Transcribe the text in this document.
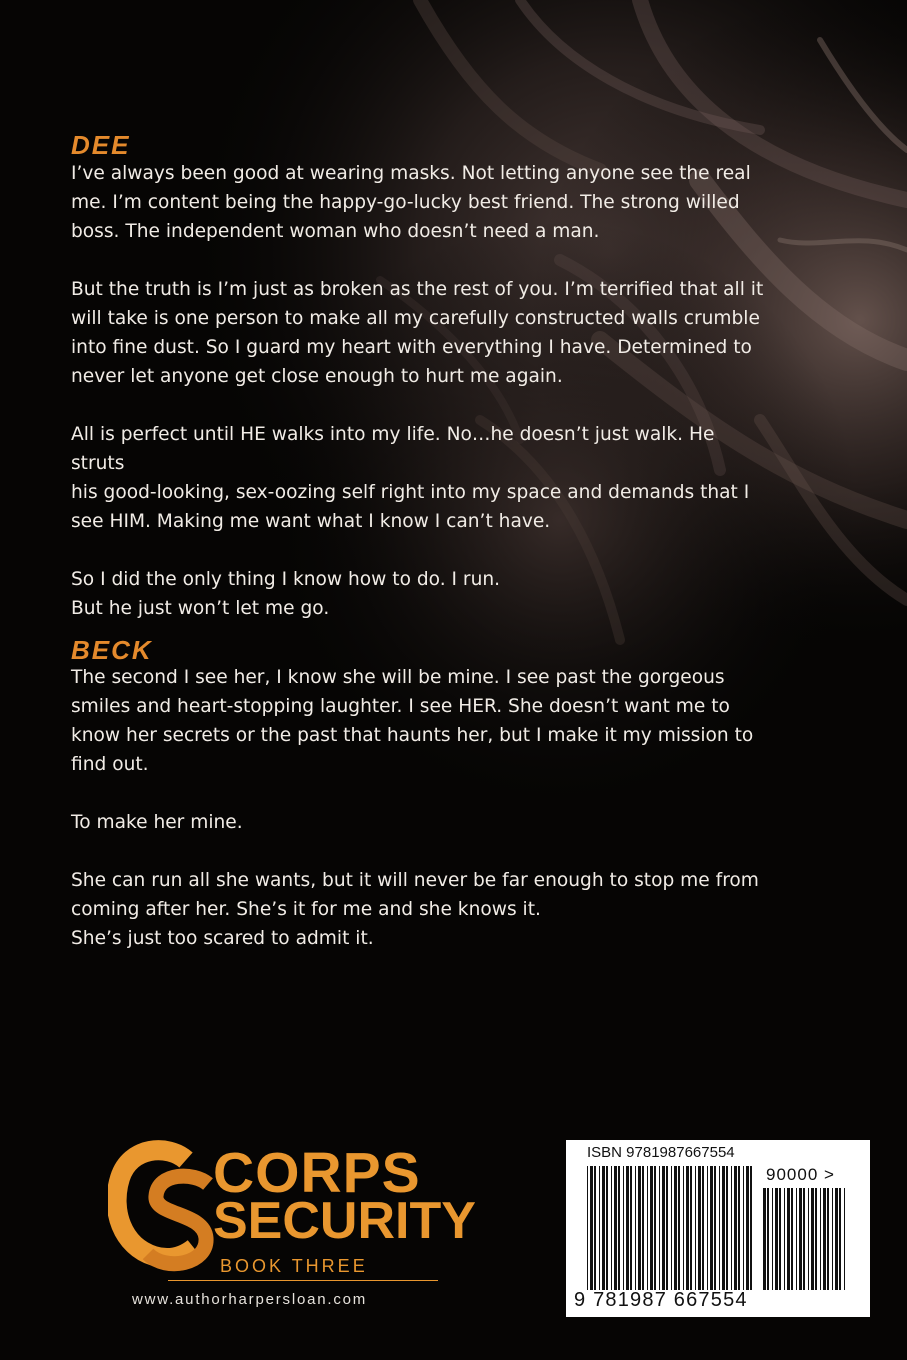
DEE

I’ve always been good at wearing masks. Not letting anyone see the real

me. I’m content being the happy-go-lucky best friend. The strong willed

boss. The independent woman who doesn’t need a man.

But the truth is I’m just as broken as the rest of you. I’m terrified that all it

will take is one person to make all my carefully constructed walls crumble

into fine dust. So I guard my heart with everything I have. Determined to

never let anyone get close enough to hurt me again.

All is perfect until HE walks into my life. No…he doesn’t just walk. He struts

his good-looking, sex-oozing self right into my space and demands that I

see HIM. Making me want what I know I can’t have.

So I did the only thing I know how to do. I run.

But he just won’t let me go.

BECK

The second I see her, I know she will be mine. I see past the gorgeous

smiles and heart-stopping laughter. I see HER. She doesn’t want me to

know her secrets or the past that haunts her, but I make it my mission to

find out.

To make her mine.

She can run all she wants, but it will never be far enough to stop me from

coming after her. She’s it for me and she knows it.

She’s just too scared to admit it.

CORPS
SECURITY
BOOK THREE
www.authorharpersloan.com
ISBN 9781987667554
90000 >
9 781987 667554
